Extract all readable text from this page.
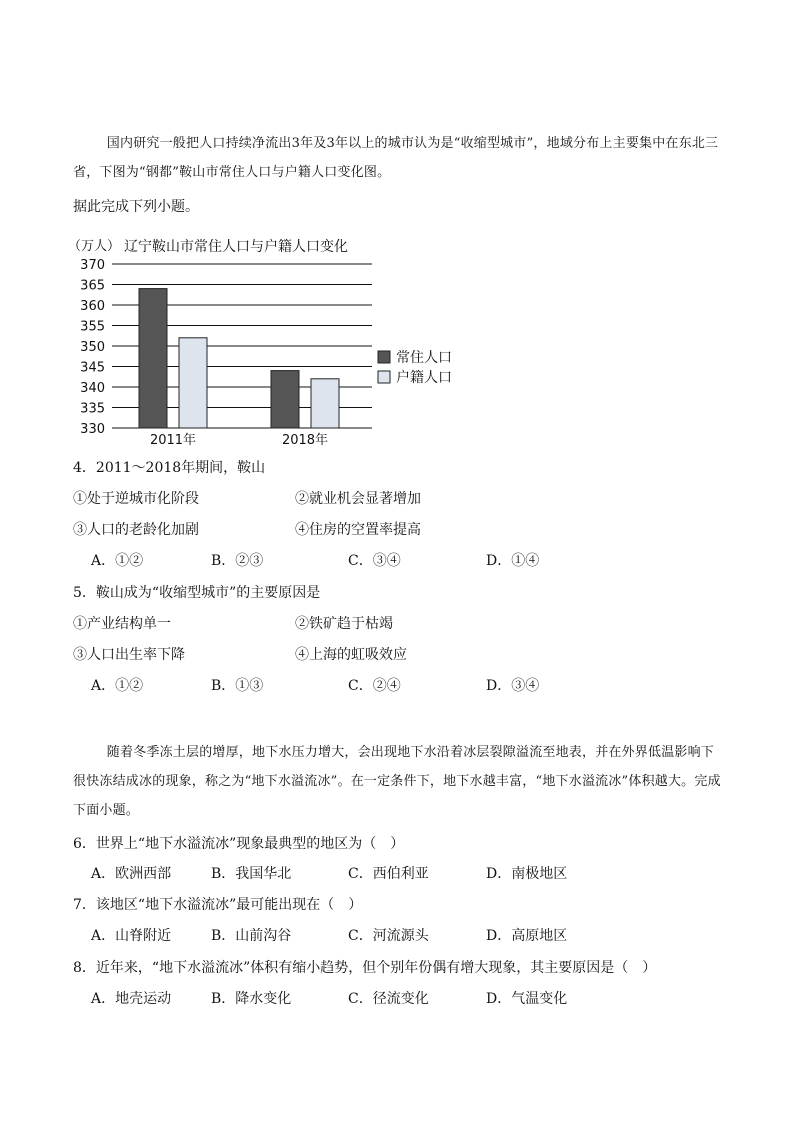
国内研究一般把人口持续净流出3年及3年以上的城市认为是“收缩型城市”，地域分布上主要集中在东北三省，下图为“钢都”鞍山市常住人口与户籍人口变化图。
据此完成下列小题。
330
335
340
345
350
355
360
365
370
2011年	2018年
常住人口
户籍人口
（万人） 辽宁鞍山市常住人口与户籍人口变化
4．2011～2018年期间，鞍山
①处于逆城市化阶段	②就业机会显著增加
③人口的老龄化加剧	④住房的空置率提高
A．①②	B．②③	C．③④	D．①④
5．鞍山成为“收缩型城市”的主要原因是
①产业结构单一	②铁矿趋于枯竭
③人口出生率下降	④上海的虹吸效应
A．①②	B．①③	C．②④	D．③④
随着冬季冻土层的增厚，地下水压力增大，会出现地下水沿着冰层裂隙溢流至地表，并在外界低温影响下很快冻结成冰的现象，称之为“地下水溢流冰”。在一定条件下，地下水越丰富，“地下水溢流冰”体积越大。完成下面小题。
6．世界上“地下水溢流冰”现象最典型的地区为（　）
A．欧洲西部	B．我国华北	C．西伯利亚	D．南极地区
7．该地区“地下水溢流冰”最可能出现在（　）
A．山脊附近	B．山前沟谷	C．河流源头	D．高原地区
8．近年来，“地下水溢流冰”体积有缩小趋势，但个别年份偶有增大现象，其主要原因是（　）
A．地壳运动	B．降水变化	C．径流变化	D．气温变化
